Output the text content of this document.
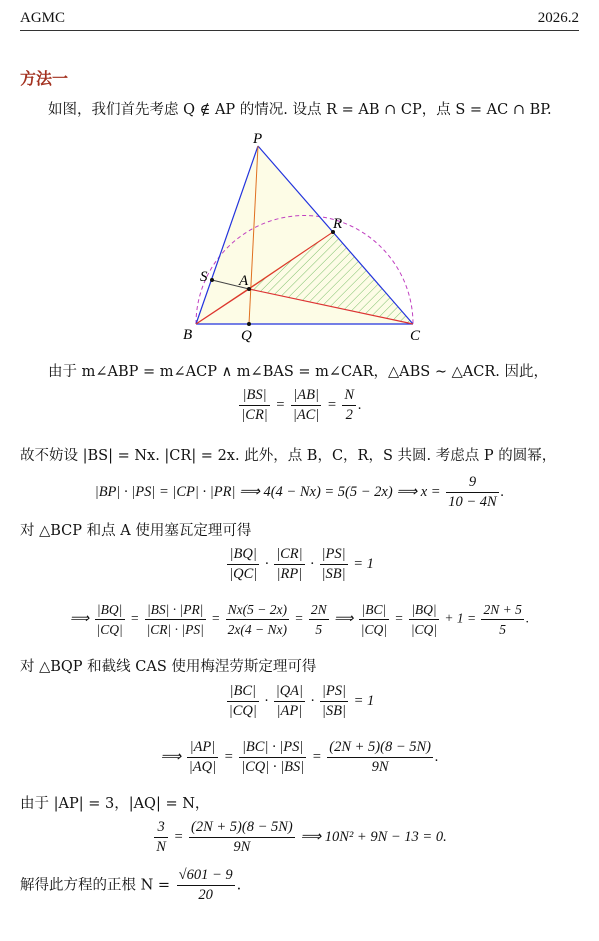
AGMC	2026.2
方法一
如图，我们首先考虑 Q ∉ AP 的情况. 设点 R = AB ∩ CP，点 S = AC ∩ BP.
P
R
S A
B	Q	C
由于 m∠ABP = m∠ACP ∧ m∠BAS = m∠CAR，△ABS ∼ △ACR. 因此，
$\frac{|BS|}{|CR|} = \frac{|AB|}{|AC|} = \frac{N}{2}$ .
故不妨设 |BS| = Nx. |CR| = 2x. 此外，点 B，C，R，S 共圆. 考虑点 P 的圆幂，
|BP| · |PS| = |CP| · |PR| ⟹ 4(4 − Nx) = 5(5 − 2x) ⟹ $x = \frac{9}{10 - 4N}$ .
对 △BCP 和点 A 使用塞瓦定理可得
$\frac{|BQ|}{|QC|} \cdot \frac{|CR|}{|RP|} \cdot \frac{|PS|}{|SB|} = 1$
⟹ $\frac{|BQ|}{|CQ|} = \frac{|BS| \cdot |PR|}{|CR| \cdot |PS|} = \frac{Nx(5 - 2x)}{2x(4 - Nx)} = \frac{2N}{5}$ ⟹ $\frac{|BC|}{|CQ|} = \frac{|BQ|}{|CQ|} + 1 = \frac{2N + 5}{5}$ .
对 △BQP 和截线 CAS 使用梅涅劳斯定理可得
$\frac{|BC|}{|CQ|} \cdot \frac{|QA|}{|AP|} \cdot \frac{|PS|}{|SB|} = 1$
⟹ $\frac{|AP|}{|AQ|} = \frac{|BC| \cdot |PS|}{|CQ| \cdot |BS|} = \frac{(2N + 5)(8 - 5N)}{9N}$ .
由于 |AP| = 3，|AQ| = N，
$\frac{3}{N} = \frac{(2N + 5)(8 - 5N)}{9N}$ ⟹ 10N² + 9N − 13 = 0.
解得此方程的正根 $N = \frac{√601 - 9}{20}$ .
